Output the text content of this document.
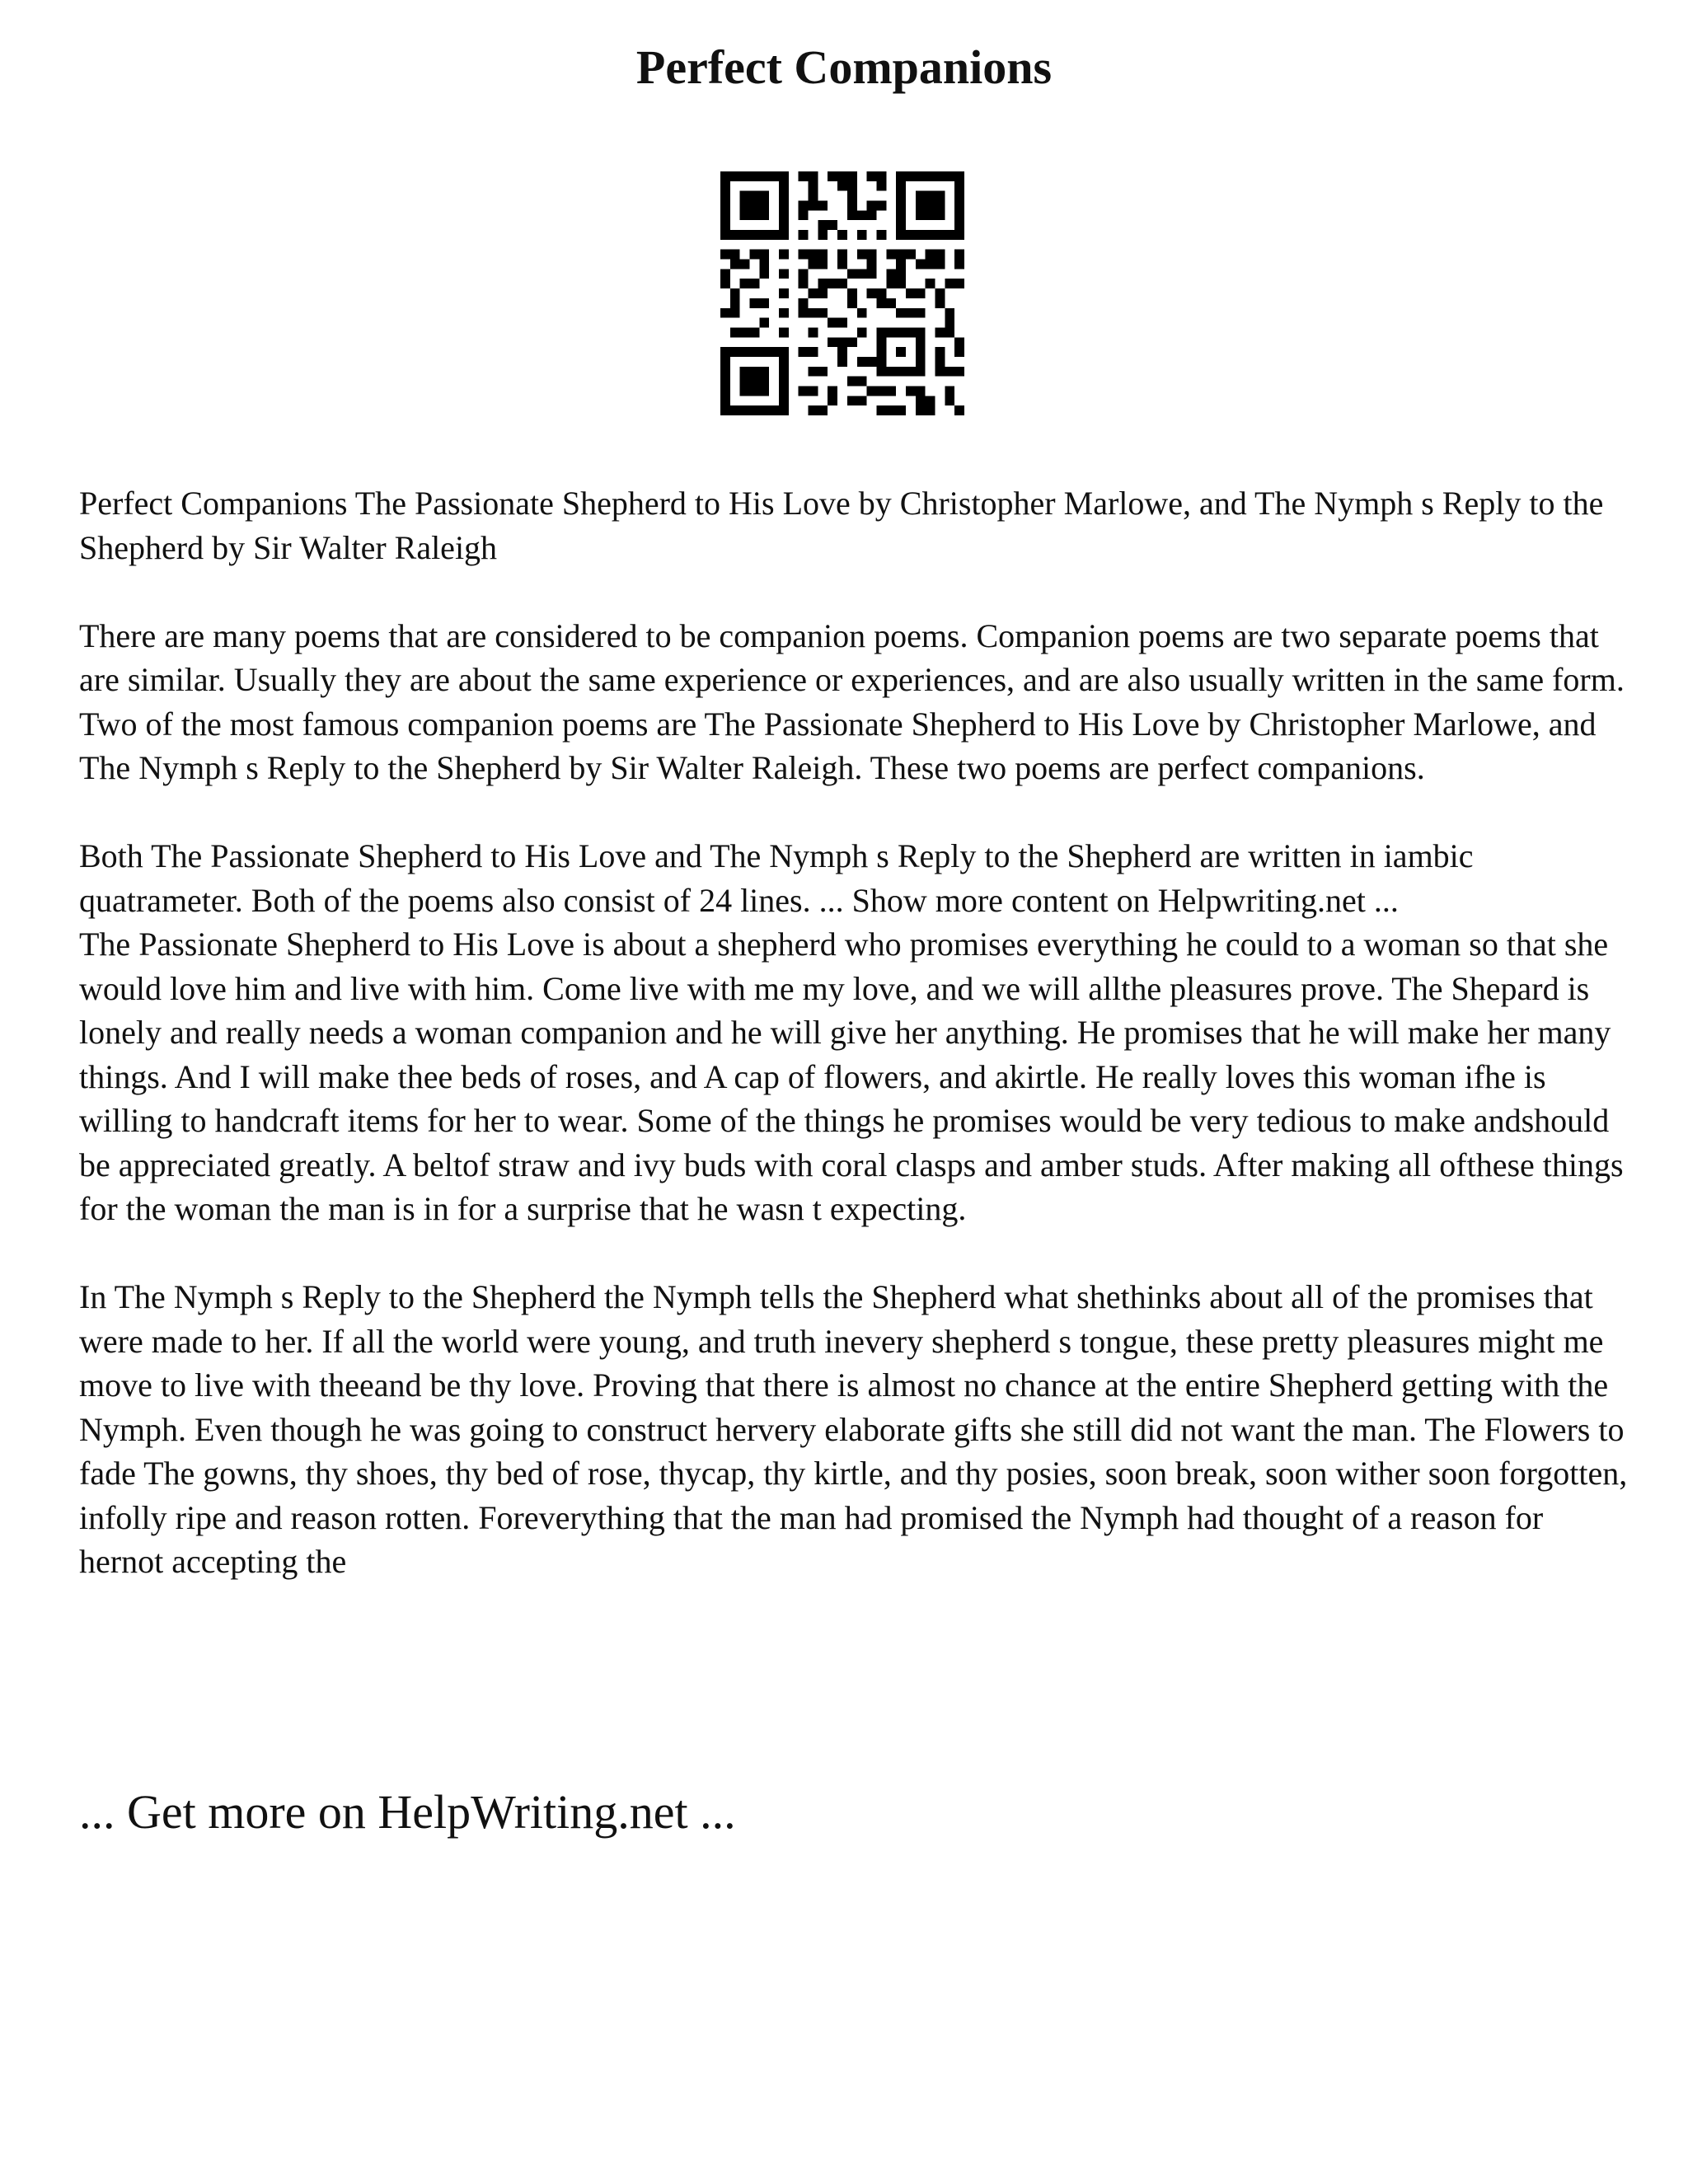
Perfect Companions

Perfect Companions The Passionate Shepherd to His Love by Christopher Marlowe, and The Nymph s Reply to the Shepherd by Sir Walter Raleigh

There are many poems that are considered to be companion poems. Companion poems are two separate poems that are similar. Usually they are about the same experience or experiences, and are also usually written in the same form. Two of the most famous companion poems are The Passionate Shepherd to His Love by Christopher Marlowe, and The Nymph s Reply to the Shepherd by Sir Walter Raleigh. These two poems are perfect companions.

Both The Passionate Shepherd to His Love and The Nymph s Reply to the Shepherd are written in iambic quatrameter. Both of the poems also consist of 24 lines. ... Show more content on Helpwriting.net ...

The Passionate Shepherd to His Love is about a shepherd who promises everything he could to a woman so that she would love him and live with him. Come live with me my love, and we will allthe pleasures prove. The Shepard is lonely and really needs a woman companion and he will give her anything. He promises that he will make her many things. And I will make thee beds of roses, and A cap of flowers, and akirtle. He really loves this woman ifhe is willing to handcraft items for her to wear. Some of the things he promises would be very tedious to make andshould be appreciated greatly. A beltof straw and ivy buds with coral clasps and amber studs. After making all ofthese things for the woman the man is in for a surprise that he wasn t expecting.

In The Nymph s Reply to the Shepherd the Nymph tells the Shepherd what shethinks about all of the promises that were made to her. If all the world were young, and truth inevery shepherd s tongue, these pretty pleasures might me move to live with theeand be thy love. Proving that there is almost no chance at the entire Shepherd getting with the Nymph. Even though he was going to construct hervery elaborate gifts she still did not want the man. The Flowers to fade The gowns, thy shoes, thy bed of rose, thycap, thy kirtle, and thy posies, soon break, soon wither soon forgotten, infolly ripe and reason rotten. Foreverything that the man had promised the Nymph had thought of a reason for hernot accepting the

... Get more on HelpWriting.net ...
